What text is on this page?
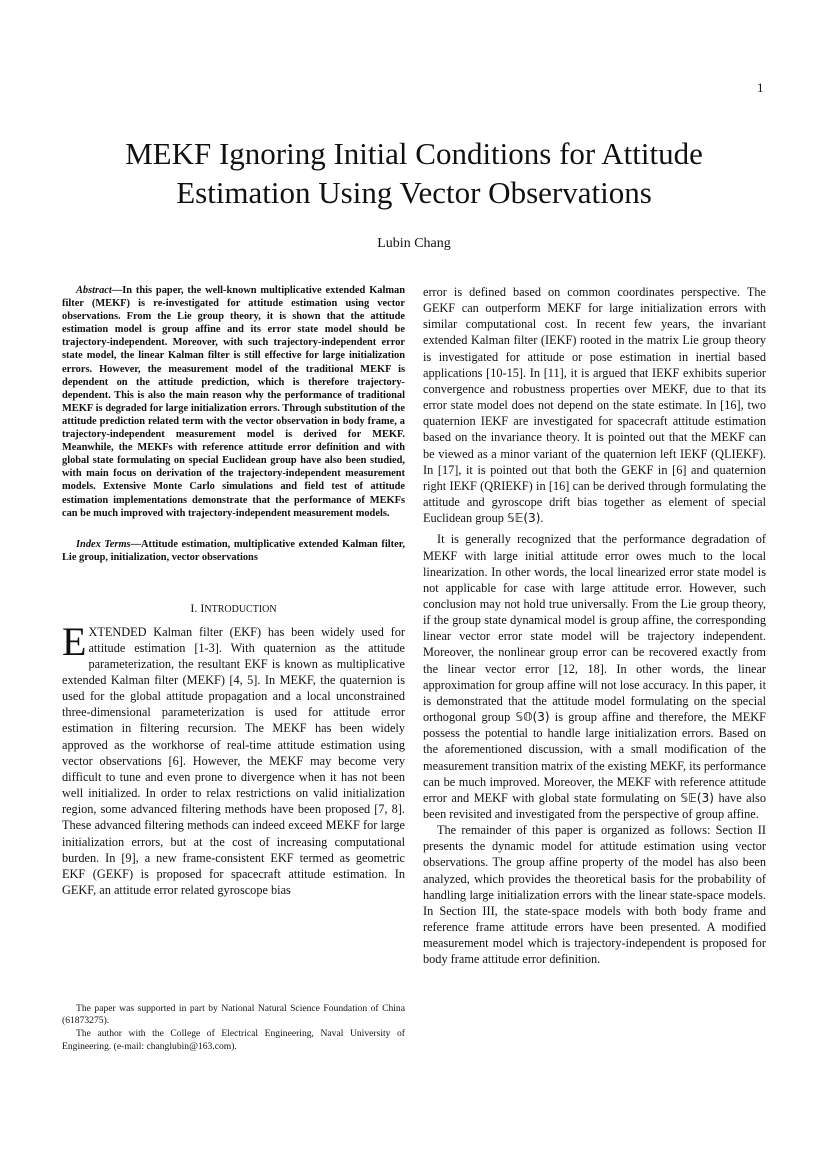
1
MEKF Ignoring Initial Conditions for Attitude Estimation Using Vector Observations
Lubin Chang

Abstract—In this paper, the well-known multiplicative extended Kalman filter (MEKF) is re-investigated for attitude estimation using vector observations. From the Lie group theory, it is shown that the attitude estimation model is group affine and its error state model should be trajectory-independent. Moreover, with such trajectory-independent error state model, the linear Kalman filter is still effective for large initialization errors. However, the measurement model of the traditional MEKF is dependent on the attitude prediction, which is therefore trajectory-dependent. This is also the main reason why the performance of traditional MEKF is degraded for large initialization errors. Through substitution of the attitude prediction related term with the vector observation in body frame, a trajectory-independent measurement model is derived for MEKF. Meanwhile, the MEKFs with reference attitude error definition and with global state formulating on special Euclidean group have also been studied, with main focus on derivation of the trajectory-independent measurement models. Extensive Monte Carlo simulations and field test of attitude estimation implementations demonstrate that the performance of MEKFs can be much improved with trajectory-independent measurement models.

Index Terms—Attitude estimation, multiplicative extended Kalman filter, Lie group, initialization, vector observations

I. INTRODUCTION

EXTENDED Kalman filter (EKF) has been widely used for attitude estimation [1-3]. With quaternion as the attitude parameterization, the resultant EKF is known as multiplicative extended Kalman filter (MEKF) [4, 5]. In MEKF, the quaternion is used for the global attitude propagation and a local unconstrained three-dimensional parameterization is used for attitude error estimation in filtering recursion. The MEKF has been widely approved as the workhorse of real-time attitude estimation using vector observations [6]. However, the MEKF may become very difficult to tune and even prone to divergence when it has not been well initialized. In order to relax restrictions on valid initialization region, some advanced filtering methods have been proposed [7, 8]. These advanced filtering methods can indeed exceed MEKF for large initialization errors, but at the cost of increasing computational burden. In [9], a new frame-consistent EKF termed as geometric EKF (GEKF) is proposed for spacecraft attitude estimation. In GEKF, an attitude error related gyroscope bias

The paper was supported in part by National Natural Science Foundation of China (61873275).

The author with the College of Electrical Engineering, Naval University of Engineering. (e-mail: changlubin@163.com).

error is defined based on common coordinates perspective. The GEKF can outperform MEKF for large initialization errors with similar computational cost. In recent few years, the invariant extended Kalman filter (IEKF) rooted in the matrix Lie group theory is investigated for attitude or pose estimation in inertial based applications [10-15]. In [11], it is argued that IEKF exhibits superior convergence and robustness properties over MEKF, due to that its error state model does not depend on the state estimate. In [16], two quaternion IEKF are investigated for spacecraft attitude estimation based on the invariance theory. It is pointed out that the MEKF can be viewed as a minor variant of the quaternion left IEKF (QLIEKF). In [17], it is pointed out that both the GEKF in [6] and quaternion right IEKF (QRIEKF) in [16] can be derived through formulating the attitude and gyroscope drift bias together as element of special Euclidean group 𝕊𝔼(3).

It is generally recognized that the performance degradation of MEKF with large initial attitude error owes much to the local linearization. In other words, the local linearized error state model is not applicable for case with large attitude error. However, such conclusion may not hold true universally. From the Lie group theory, if the group state dynamical model is group affine, the corresponding linear vector error state model will be trajectory independent. Moreover, the nonlinear group error can be recovered exactly from the linear vector error [12, 18]. In other words, the linear approximation for group affine will not lose accuracy. In this paper, it is demonstrated that the attitude model formulating on the special orthogonal group 𝕊𝕆(3) is group affine and therefore, the MEKF possess the potential to handle large initialization errors. Based on the aforementioned discussion, with a small modification of the measurement transition matrix of the existing MEKF, its performance can be much improved. Moreover, the MEKF with reference attitude error and MEKF with global state formulating on 𝕊𝔼(3) have also been revisited and investigated from the perspective of group affine.

The remainder of this paper is organized as follows: Section II presents the dynamic model for attitude estimation using vector observations. The group affine property of the model has also been analyzed, which provides the theoretical basis for the probability of handling large initialization errors with the linear state-space models. In Section III, the state-space models with both body frame and reference frame attitude errors have been presented. A modified measurement model which is trajectory-independent is proposed for body frame attitude error definition.
